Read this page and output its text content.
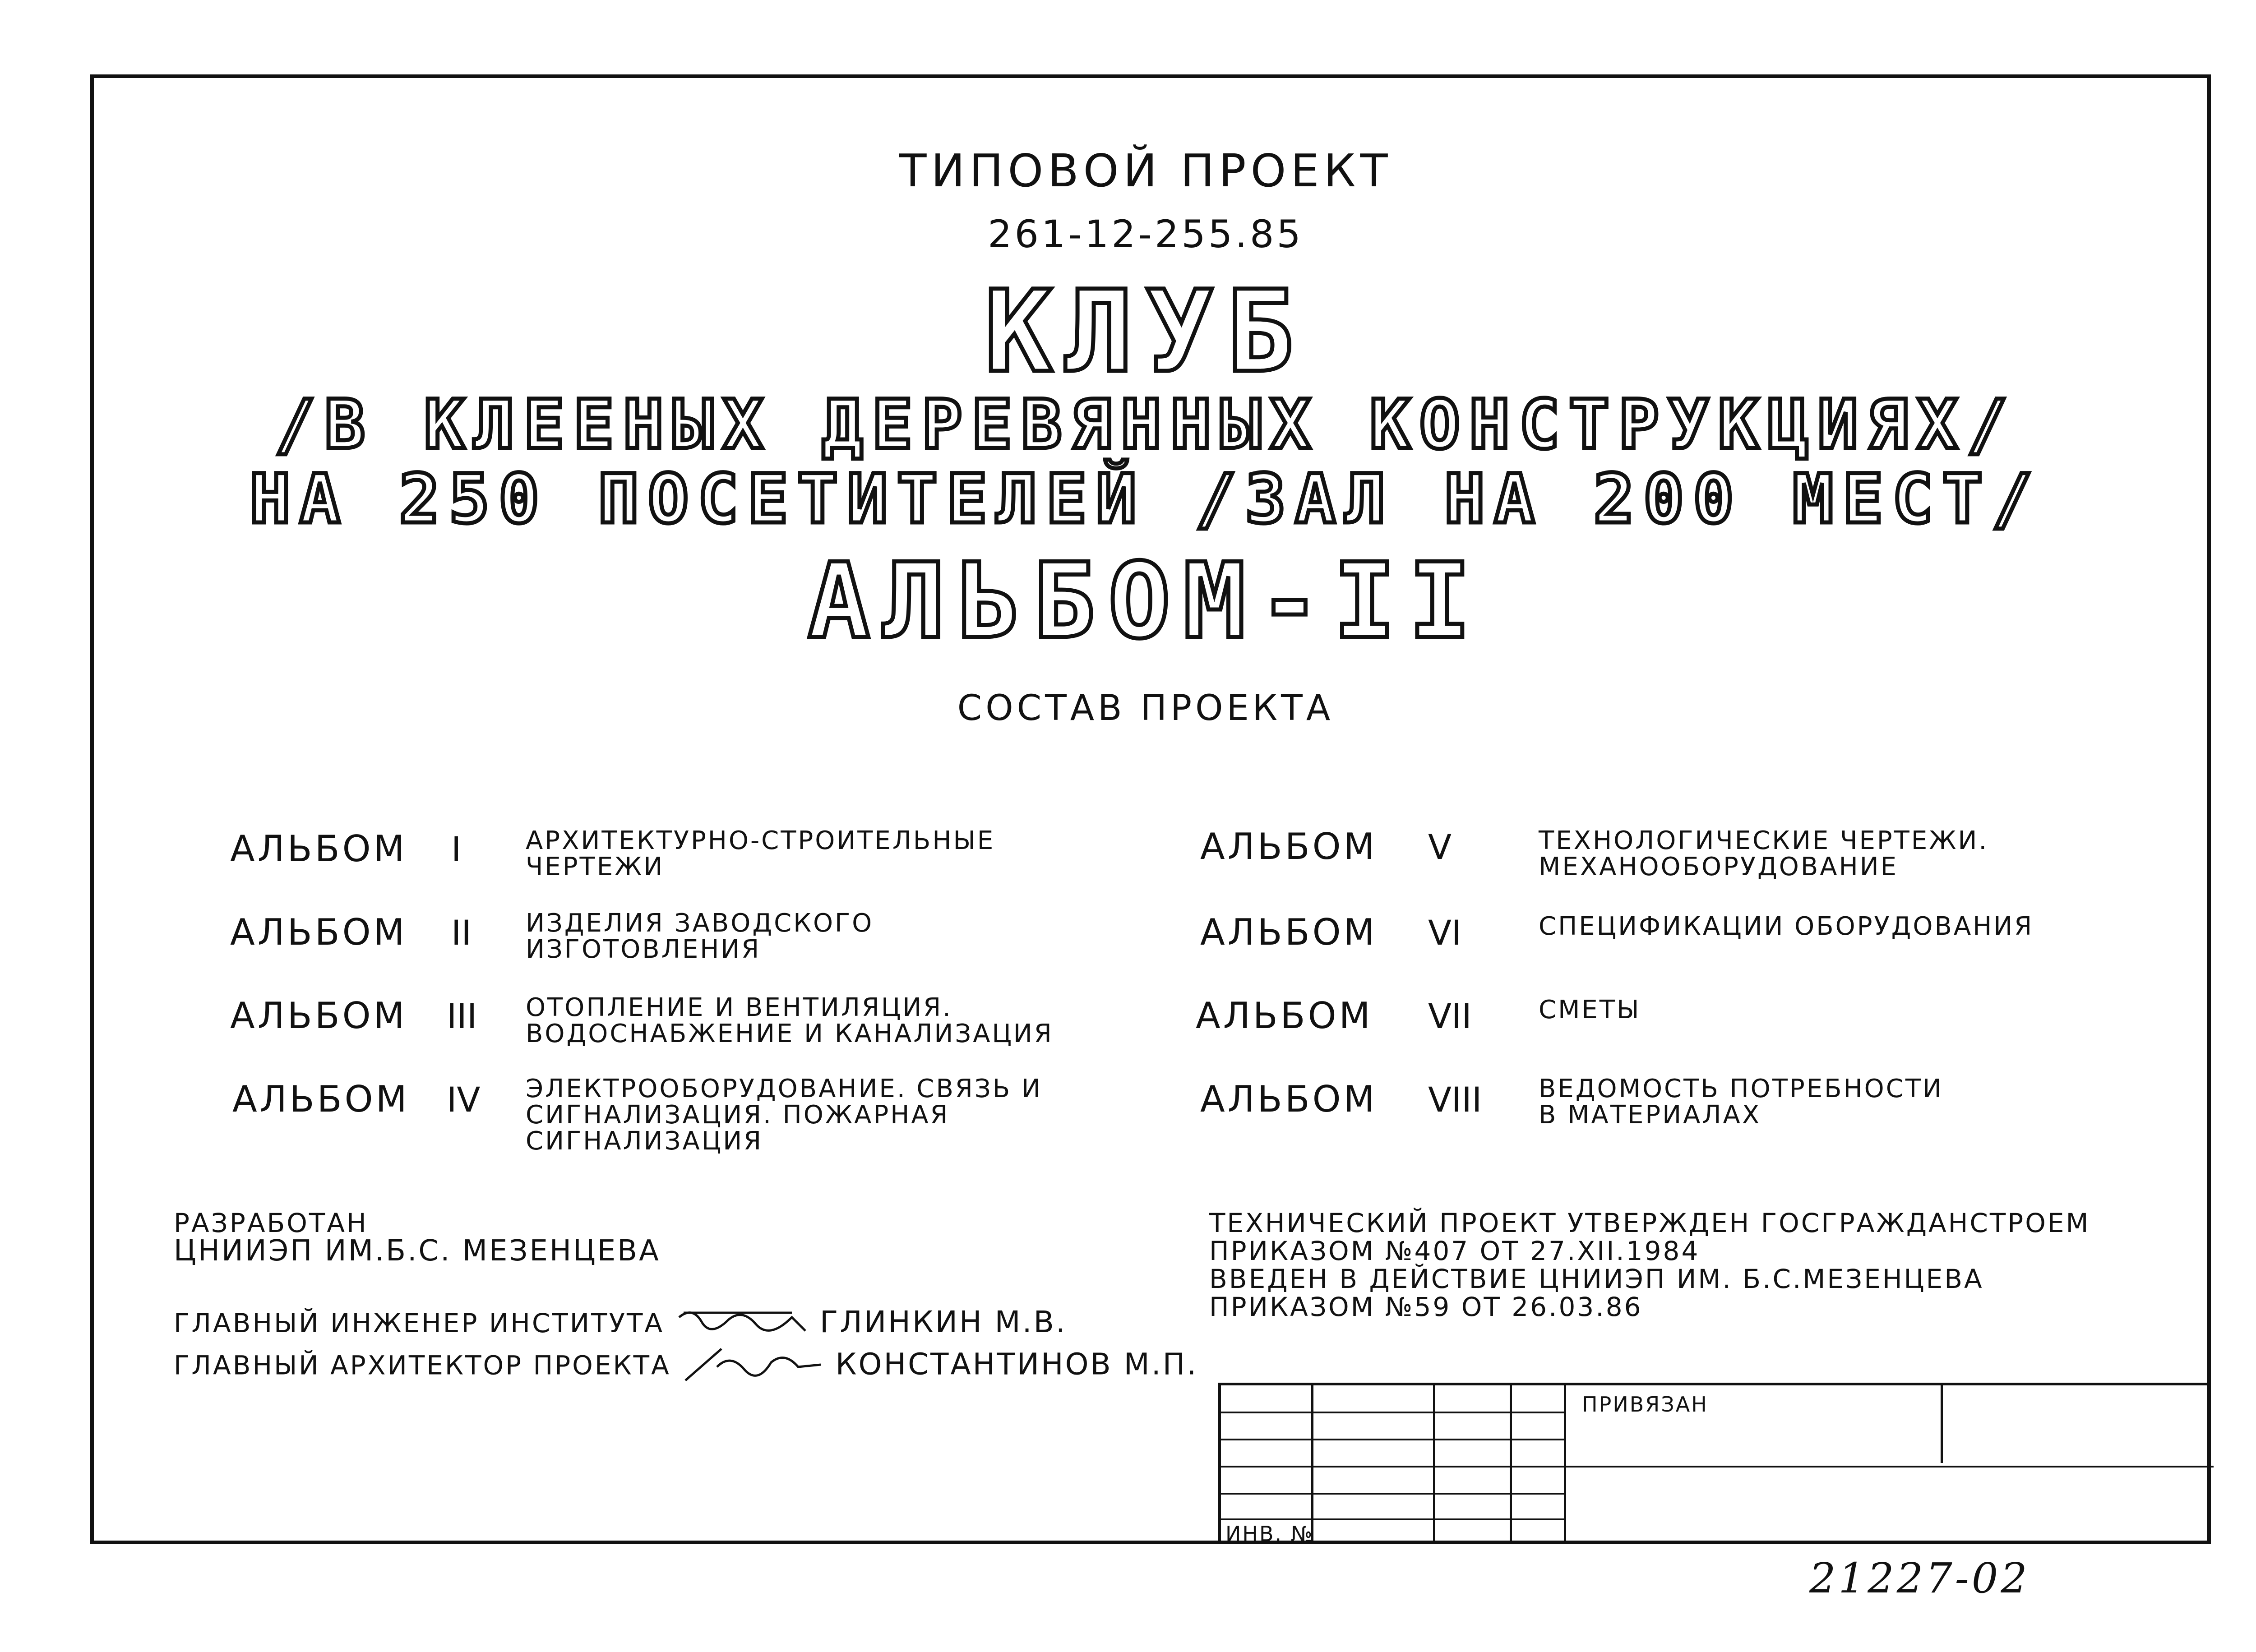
ТИПОВОЙ ПРОЕКТ
261-12-255.85
КЛУБ
/В КЛЕЕНЫХ ДЕРЕВЯННЫХ КОНСТРУКЦИЯХ/
НА 250 ПОСЕТИТЕЛЕЙ /ЗАЛ НА 200 МЕСТ/
АЛЬБОМ-II
СОСТАВ ПРОЕКТА
АЛЬБОМ I	АРХИТЕКТУРНО-СТРОИТЕЛЬНЫЕ
ЧЕРТЕЖИ
АЛЬБОМ II ИЗДЕЛИЯ ЗАВОДСКОГО
ИЗГОТОВЛЕНИЯ
АЛЬБОМ III ОТОПЛЕНИЕ И ВЕНТИЛЯЦИЯ.
ВОДОСНАБЖЕНИЕ И КАНАЛИЗАЦИЯ
АЛЬБОМ IV ЭЛЕКТРООБОРУДОВАНИЕ. СВЯЗЬ И
СИГНАЛИЗАЦИЯ. ПОЖАРНАЯ
СИГНАЛИЗАЦИЯ
АЛЬБОМ V	ТЕХНОЛОГИЧЕСКИЕ ЧЕРТЕЖИ.
МЕХАНООБОРУДОВАНИЕ
АЛЬБОМ VI	СПЕЦИФИКАЦИИ ОБОРУДОВАНИЯ
АЛЬБОМ VII	СМЕТЫ
АЛЬБОМ VIII ВЕДОМОСТЬ ПОТРЕБНОСТИ
В МАТЕРИАЛАХ
РАЗРАБОТАН
ЦНИИЭП ИМ.Б.С. МЕЗЕНЦЕВА
ГЛАВНЫЙ ИНЖЕНЕР ИНСТИТУТА	ГЛИНКИН М.В.
ГЛАВНЫЙ АРХИТЕКТОР ПРОЕКТА	КОНСТАНТИНОВ М.П.
ТЕХНИЧЕСКИЙ ПРОЕКТ УТВЕРЖДЕН ГОСГРАЖДАНСТРОЕМ
ПРИКАЗОМ №407 ОТ 27.XII.1984
ВВЕДЕН В ДЕЙСТВИЕ ЦНИИЭП ИМ. Б.С.МЕЗЕНЦЕВА
ПРИКАЗОМ №59 ОТ 26.03.86
ПРИВЯЗАН
ИНВ. №
21227-02
